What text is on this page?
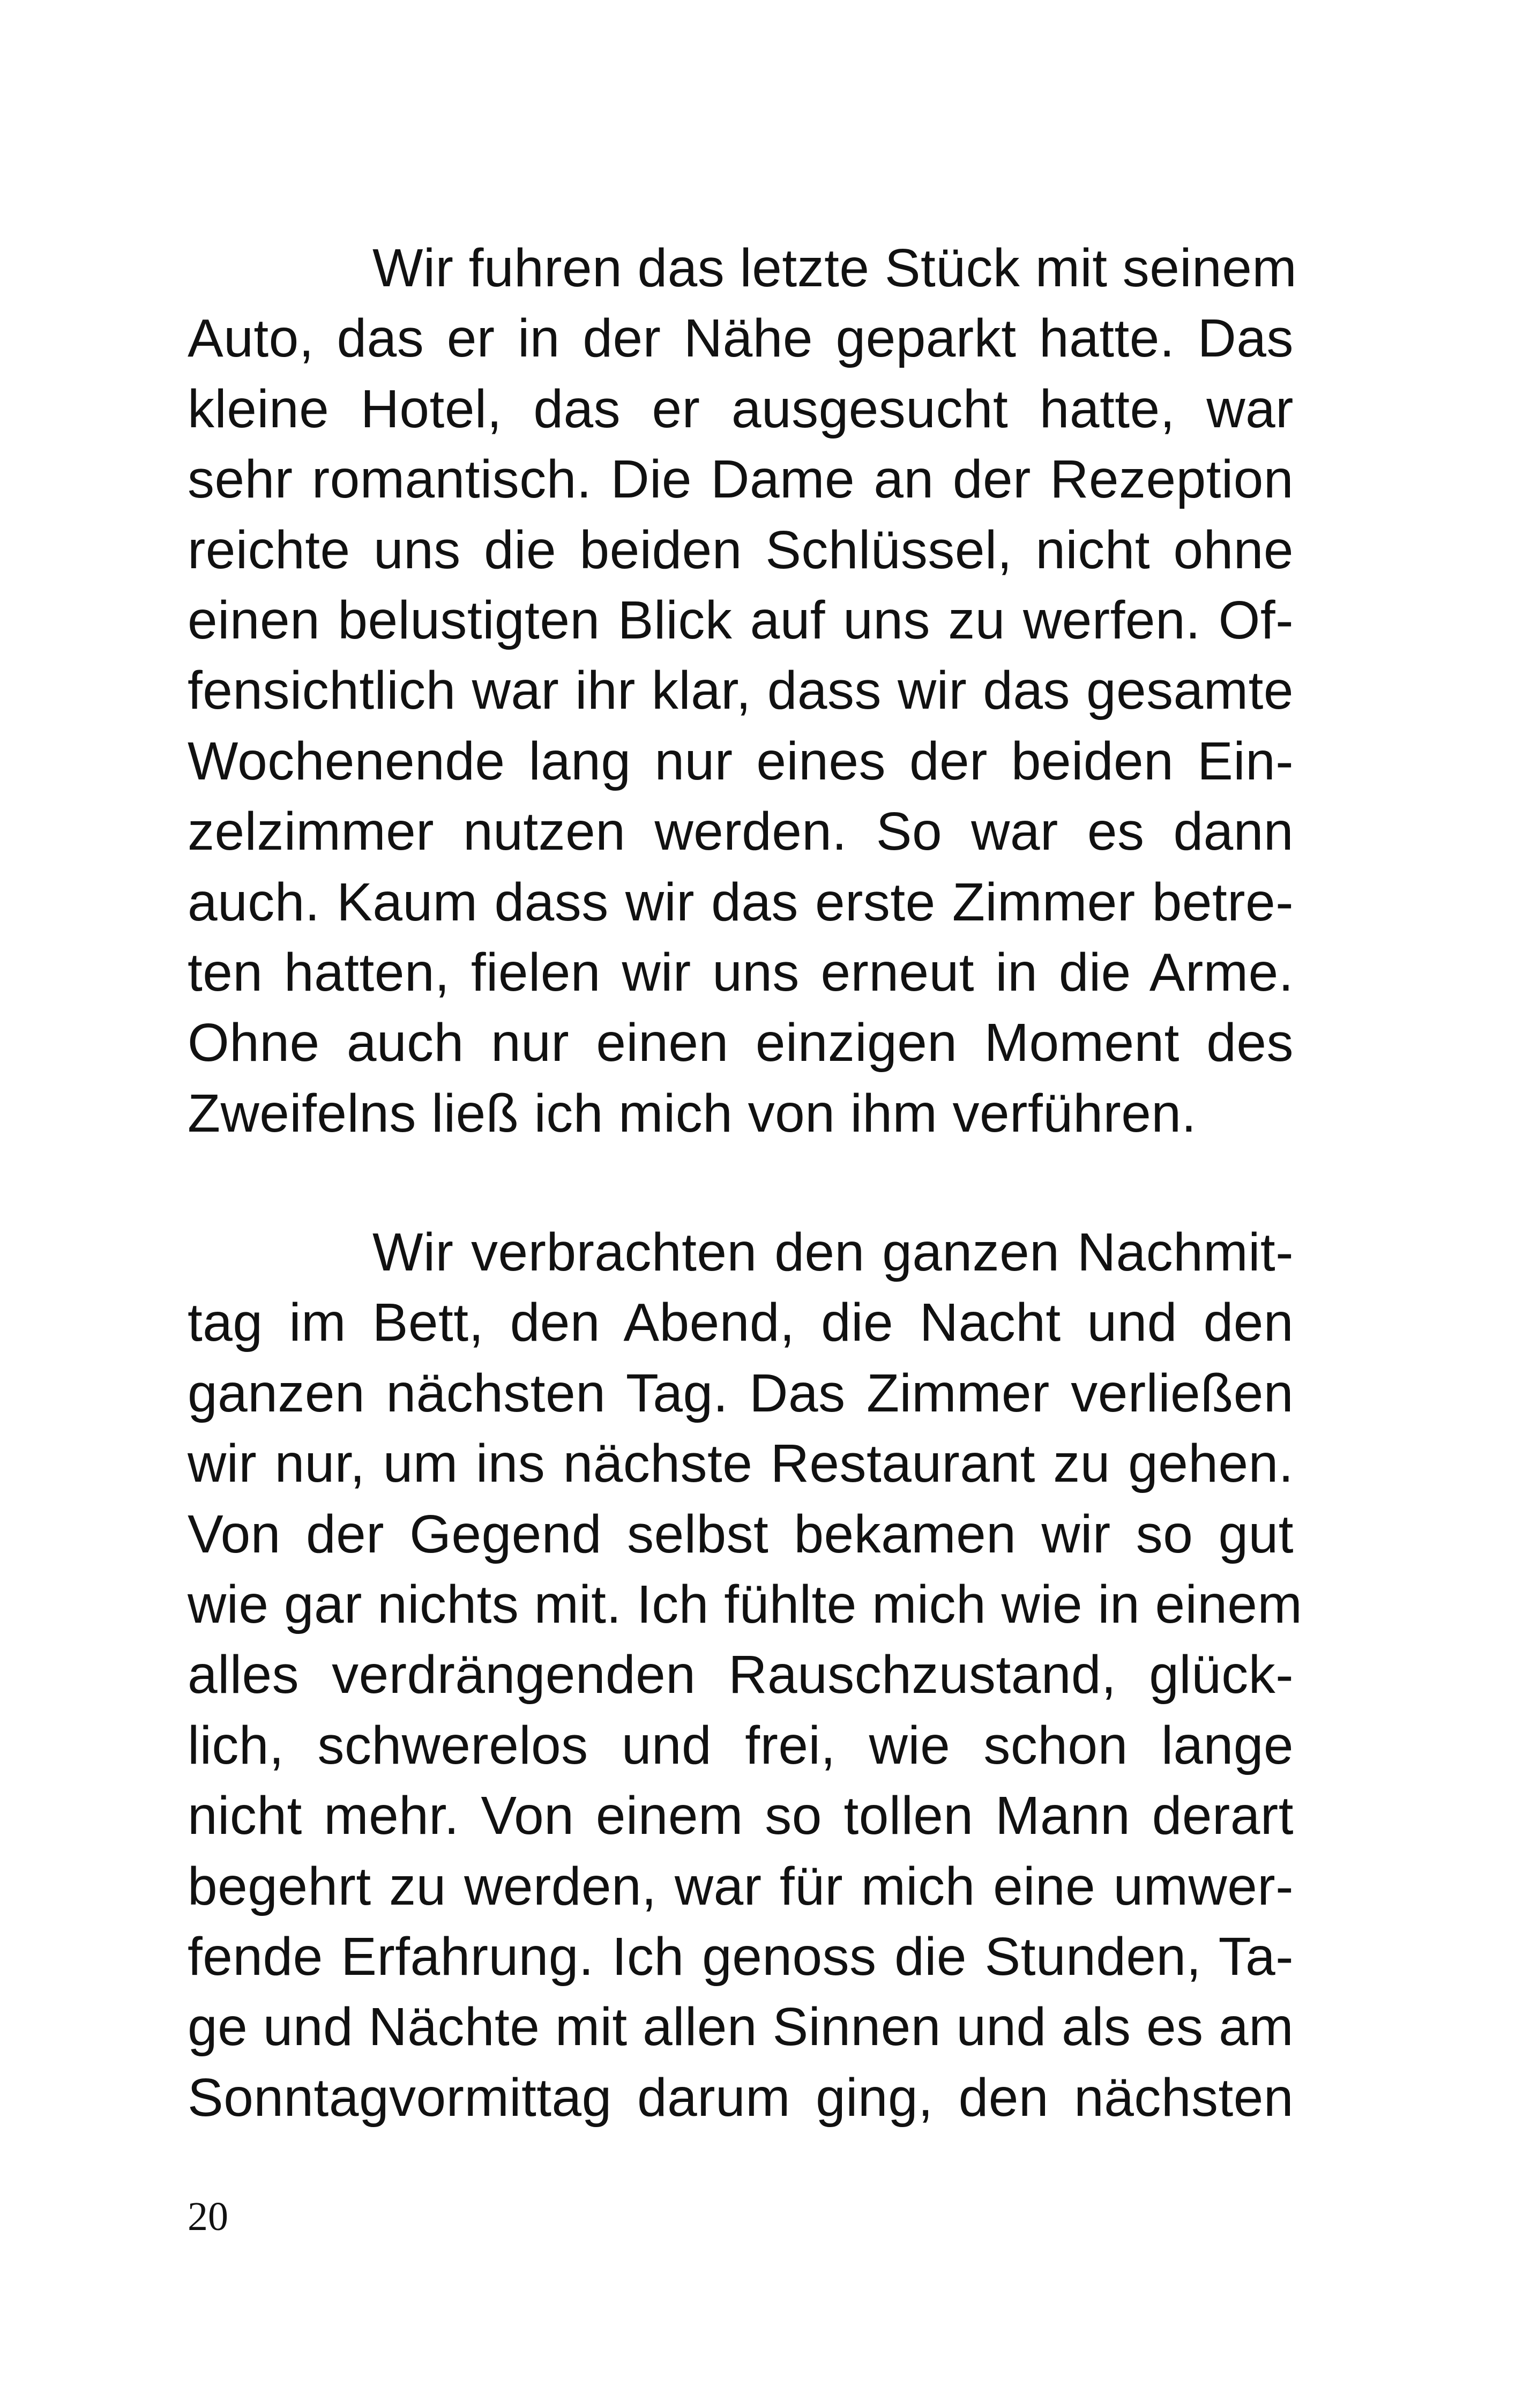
Wir fuhren das letzte Stück mit seinem
Auto, das er in der Nähe geparkt hatte. Das
kleine Hotel, das er ausgesucht hatte, war
sehr romantisch. Die Dame an der Rezeption
reichte uns die beiden Schlüssel, nicht ohne
einen belustigten Blick auf uns zu werfen. Of-
fensichtlich war ihr klar, dass wir das gesamte
Wochenende lang nur eines der beiden Ein-
zelzimmer nutzen werden. So war es dann
auch. Kaum dass wir das erste Zimmer betre-
ten hatten, fielen wir uns erneut in die Arme.
Ohne auch nur einen einzigen Moment des
Zweifelns ließ ich mich von ihm verführen.

Wir verbrachten den ganzen Nachmit-
tag im Bett, den Abend, die Nacht und den
ganzen nächsten Tag. Das Zimmer verließen
wir nur, um ins nächste Restaurant zu gehen.
Von der Gegend selbst bekamen wir so gut
wie gar nichts mit. Ich fühlte mich wie in einem
alles verdrängenden Rauschzustand, glück-
lich, schwerelos und frei, wie schon lange
nicht mehr. Von einem so tollen Mann derart
begehrt zu werden, war für mich eine umwer-
fende Erfahrung. Ich genoss die Stunden, Ta-
ge und Nächte mit allen Sinnen und als es am
Sonntagvormittag darum ging, den nächsten

20
